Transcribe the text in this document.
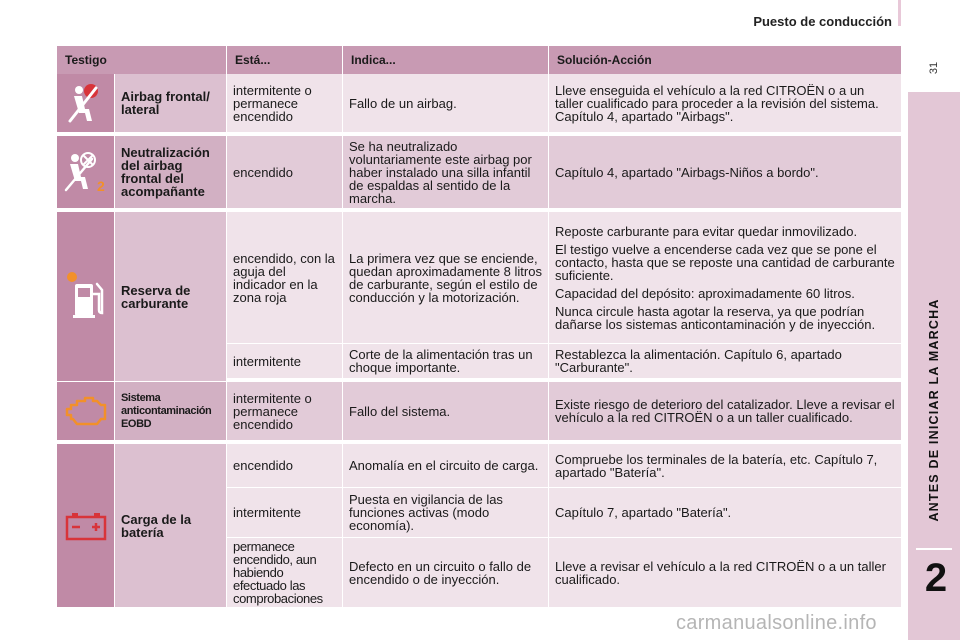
Puesto de conducción
31
ANTES DE INICIAR LA MARCHA
2
Testigo		Está...	Indica...	Solución-Acción

	Airbag frontal/ lateral	intermitente o permanece encendido	Fallo de un airbag.	Lleve enseguida el vehículo a la red CITROËN o a un taller cualificado para proceder a la revisión del sistema. Capítulo 4, apartado "Airbags".

2	Neutralización del airbag frontal del acompañante	encendido	Se ha neutralizado voluntariamente este airbag por haber instalado una silla infantil de espaldas al sentido de la marcha.	Capítulo 4, apartado "Airbags-Niños a bordo".

	Reserva de carburante	encendido, con la aguja del indicador en la zona roja	La primera vez que se enciende, quedan aproximadamente 8 litros de carburante, según el estilo de conducción y la motorización.	Reposte carburante para evitar quedar inmovilizado.

El testigo vuelve a encenderse cada vez que se pone el contacto, hasta que se reposte una cantidad de carburante suficiente.

Capacidad del depósito: aproximadamente 60 litros.

Nunca circule hasta agotar la reserva, ya que podrían dañarse los sistemas anticontaminación y de inyección.

		intermitente	Corte de la alimentación tras un choque importante.	Restablezca la alimentación. Capítulo 6, apartado "Carburante".

	Sistema anticontaminación EOBD	intermitente o permanece encendido	Fallo del sistema.	Existe riesgo de deterioro del catalizador. Lleve a revisar el vehículo a la red CITROËN o a un taller cualificado.

	Carga de la batería	encendido	Anomalía en el circuito de carga.	Compruebe los terminales de la batería, etc. Capítulo 7, apartado "Batería".
		intermitente	Puesta en vigilancia de las funciones activas (modo economía).	Capítulo 7, apartado "Batería".
		permanece encendido, aun habiendo efectuado las comprobaciones	Defecto en un circuito o fallo de encendido o de inyección.	Lleve a revisar el vehículo a la red CITROËN o a un taller cualificado.
carmanualsonline.info
